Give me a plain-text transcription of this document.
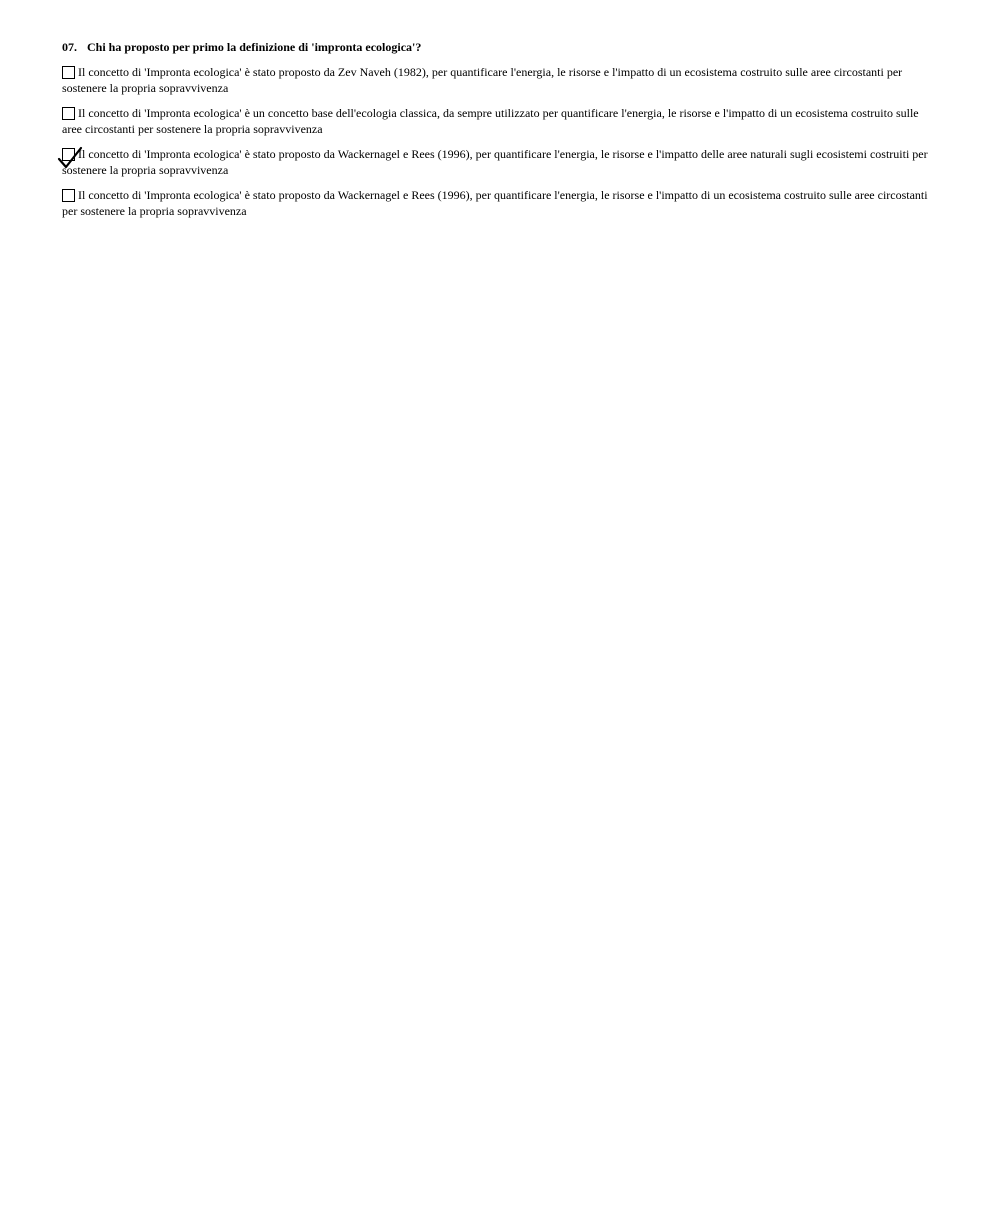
07. Chi ha proposto per primo la definizione di 'impronta ecologica'?
Il concetto di 'Impronta ecologica' è stato proposto da Zev Naveh (1982), per quantificare l'energia, le risorse e l'impatto di un ecosistema costruito sulle aree circostanti per sostenere la propria sopravvivenza
Il concetto di 'Impronta ecologica' è un concetto base dell'ecologia classica, da sempre utilizzato per quantificare l'energia, le risorse e l'impatto di un ecosistema costruito sulle aree circostanti per sostenere la propria sopravvivenza
Il concetto di 'Impronta ecologica' è stato proposto da Wackernagel e Rees (1996), per quantificare l'energia, le risorse e l'impatto delle aree naturali sugli ecosistemi costruiti per sostenere la propria sopravvivenza
Il concetto di 'Impronta ecologica' è stato proposto da Wackernagel e Rees (1996), per quantificare l'energia, le risorse e l'impatto di un ecosistema costruito sulle aree circostanti per sostenere la propria sopravvivenza
